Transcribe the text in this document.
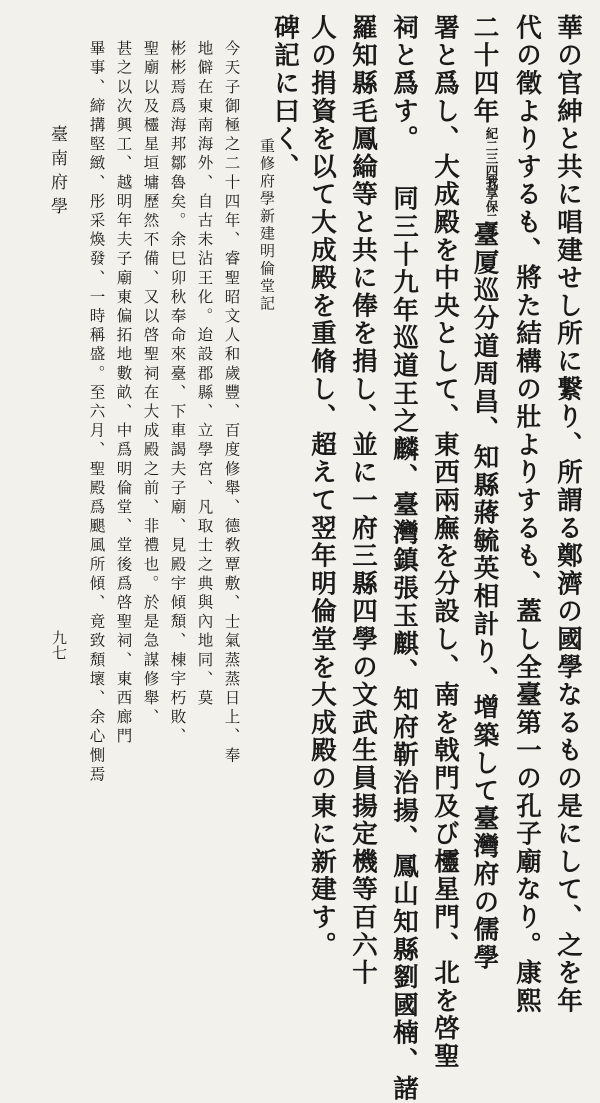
華の官紳と共に唱建せし所に繋り、所謂る鄭濟の國學なるもの是にして、之を年
代の徵よりするも、將た結構の壯よりするも、蓋し全臺第一の孔子廟なり。康熙
二十四年紀二三四五我享保二年臺厦巡分道周昌、知縣蔣毓英相計り、增築して臺灣府の儒學
署と爲し、大成殿を中央として、東西兩廡を分設し、南を戟門及び欞星門、北を啓聖
祠と爲す。 同三十九年巡道王之麟、臺灣鎮張玉麒、知府靳治揚、鳳山知縣劉國楠、諸
羅知縣毛鳳綸等と共に俸を捐し、並に一府三縣四學の文武生員揚定機等百六十
人の捐資を以て大成殿を重脩し、超えて翌年明倫堂を大成殿の東に新建す。
碑記に曰く、
重修府學新建明倫堂記
今天子御極之二十四年、睿聖昭文人和歲豐、百度修舉、德敎覃敷、士氣蒸蒸日上、奉
地僻在東南海外、自古未沾王化。迨設郡縣、立學宮、凡取士之典與內地同、莫
彬彬焉爲海邦鄒魯矣。余巳卯秋奉命來臺、下車謁夫子廟、見殿宇傾頽、棟宇朽敗、
聖廟以及欞星垣墉歷然不備、又以啓聖祠在大成殿之前、非禮也。於是急謀修舉、
甚之以次興工、越明年夫子廟東偏拓地數畝、中爲明倫堂、堂後爲啓聖祠、東西廊門
畢事、締搆堅緻、彤采煥發、一時稱盛。至六月、聖殿爲颶風所傾、竟致頽壞、余心惻焉
臺南府學
九七
